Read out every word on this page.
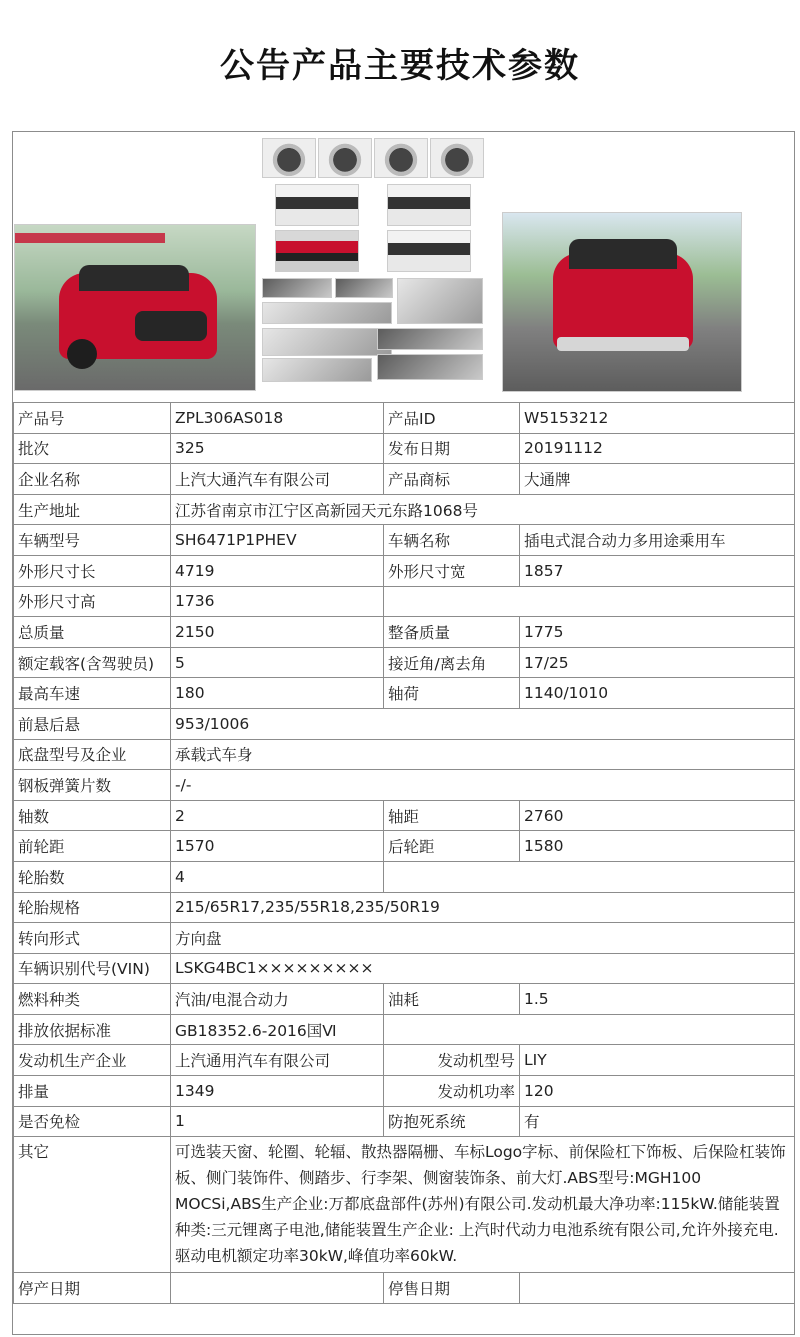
公告产品主要技术参数
产品号	ZPL306AS018	产品ID	W5153212
批次	325	发布日期	20191112
企业名称	上汽大通汽车有限公司	产品商标	大通牌
生产地址	江苏省南京市江宁区高新园天元东路1068号		
车辆型号	SH6471P1PHEV	车辆名称	插电式混合动力多用途乘用车
外形尺寸长	4719	外形尺寸宽	1857
外形尺寸高	1736		
总质量	2150	整备质量	1775
额定载客(含驾驶员)	5	接近角/离去角	17/25
最高车速	180	轴荷	1140/1010
前悬后悬	953/1006		
底盘型号及企业	承载式车身		
钢板弹簧片数	-/-		
轴数	2	轴距	2760
前轮距	1570	后轮距	1580
轮胎数	4		
轮胎规格	215/65R17,235/55R18,235/50R19		
转向形式	方向盘		
车辆识别代号(VIN)	LSKG4BC1×××××××××		
燃料种类	汽油/电混合动力	油耗	1.5
排放依据标准	GB18352.6-2016国Ⅵ		
发动机生产企业	上汽通用汽车有限公司	发动机型号	LIY
排量	1349	发动机功率	120
是否免检	1	防抱死系统	有
其它	可选装天窗、轮圈、轮辐、散热器隔栅、车标Logo字标、前保险杠下饰板、后保险杠装饰板、侧门装饰件、侧踏步、行李架、侧窗装饰条、前大灯.ABS型号:MGH100 MOCSi,ABS生产企业:万都底盘部件(苏州)有限公司.发动机最大净功率:115kW.储能装置种类:三元锂离子电池,储能装置生产企业: 上汽时代动力电池系统有限公司,允许外接充电.驱动电机额定功率30kW,峰值功率60kW.		
停产日期		停售日期	
